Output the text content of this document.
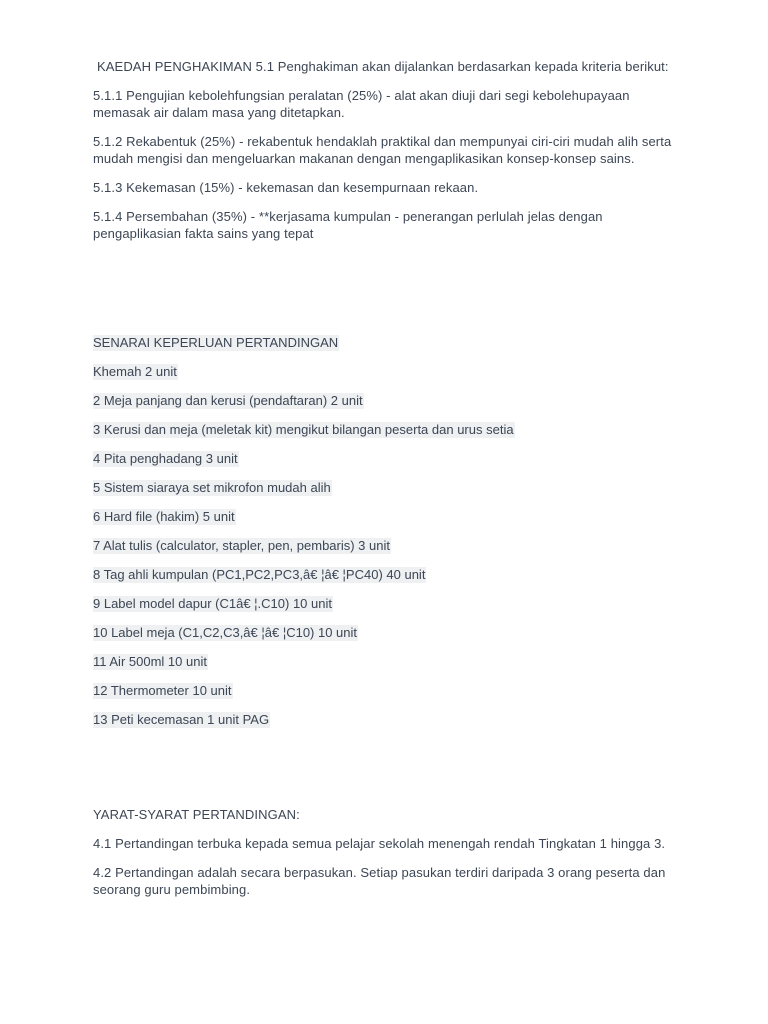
KAEDAH PENGHAKIMAN 5.1 Penghakiman akan dijalankan berdasarkan kepada kriteria berikut:

5.1.1 Pengujian kebolehfungsian peralatan (25%) - alat akan diuji dari segi kebolehupayaan memasak air dalam masa yang ditetapkan.

5.1.2 Rekabentuk (25%) - rekabentuk hendaklah praktikal dan mempunyai ciri-ciri mudah alih serta mudah mengisi dan mengeluarkan makanan dengan mengaplikasikan konsep-konsep sains.

5.1.3 Kekemasan (15%) - kekemasan dan kesempurnaan rekaan.

5.1.4 Persembahan (35%) - **kerjasama kumpulan - penerangan perlulah jelas dengan pengaplikasian fakta sains yang tepat

SENARAI KEPERLUAN PERTANDINGAN
Khemah 2 unit
2 Meja panjang dan kerusi (pendaftaran) 2 unit
3 Kerusi dan meja (meletak kit) mengikut bilangan peserta dan urus setia
4 Pita penghadang 3 unit
5 Sistem siaraya set mikrofon mudah alih
6 Hard file (hakim) 5 unit
7 Alat tulis (calculator, stapler, pen, pembaris) 3 unit
8 Tag ahli kumpulan (PC1,PC2,PC3,â€ ¦â€ ¦PC40) 40 unit
9 Label model dapur (C1â€ ¦.C10) 10 unit
10 Label meja (C1,C2,C3,â€ ¦â€ ¦C10) 10 unit
11 Air 500ml 10 unit
12 Thermometer 10 unit
13 Peti kecemasan 1 unit PAG

YARAT-SYARAT PERTANDINGAN:

4.1 Pertandingan terbuka kepada semua pelajar sekolah menengah rendah Tingkatan 1 hingga 3.

4.2 Pertandingan adalah secara berpasukan. Setiap pasukan terdiri daripada 3 orang peserta dan seorang guru pembimbing.
